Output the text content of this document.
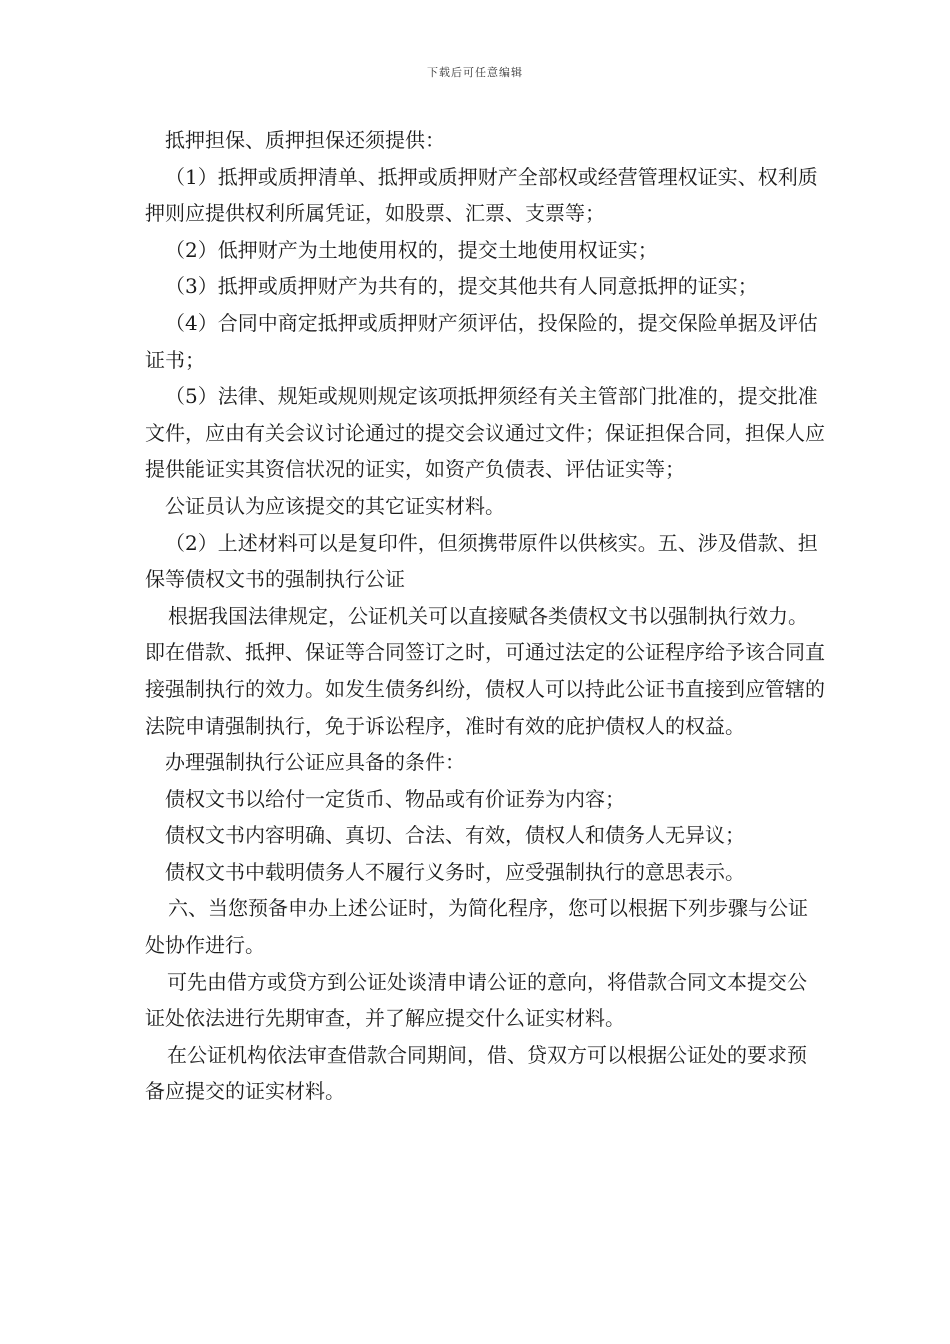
下载后可任意编辑

抵押担保、质押担保还须提供：

（1）抵押或质押清单、抵押或质押财产全部权或经营管理权证实、权利质押则应提供权利所属凭证，如股票、汇票、支票等；

（2）低押财产为土地使用权的，提交土地使用权证实；

（3）抵押或质押财产为共有的，提交其他共有人同意抵押的证实；

（4）合同中商定抵押或质押财产须评估，投保险的，提交保险单据及评估证书；

（5）法律、规矩或规则规定该项抵押须经有关主管部门批准的，提交批准文件，应由有关会议讨论通过的提交会议通过文件；保证担保合同，担保人应提供能证实其资信状况的证实，如资产负债表、评估证实等；

公证员认为应该提交的其它证实材料。

（2）上述材料可以是复印件，但须携带原件以供核实。五、涉及借款、担保等债权文书的强制执行公证

根据我国法律规定，公证机关可以直接赋各类债权文书以强制执行效力。即在借款、抵押、保证等合同签订之时，可通过法定的公证程序给予该合同直接强制执行的效力。如发生债务纠纷，债权人可以持此公证书直接到应管辖的法院申请强制执行，免于诉讼程序，准时有效的庇护债权人的权益。

办理强制执行公证应具备的条件：

债权文书以给付一定货币、物品或有价证券为内容；

债权文书内容明确、真切、合法、有效，债权人和债务人无异议；

债权文书中载明债务人不履行义务时，应受强制执行的意思表示。

六、当您预备申办上述公证时，为简化程序，您可以根据下列步骤与公证处协作进行。

可先由借方或贷方到公证处谈清申请公证的意向，将借款合同文本提交公证处依法进行先期审查，并了解应提交什么证实材料。

在公证机构依法审查借款合同期间，借、贷双方可以根据公证处的要求预备应提交的证实材料。
